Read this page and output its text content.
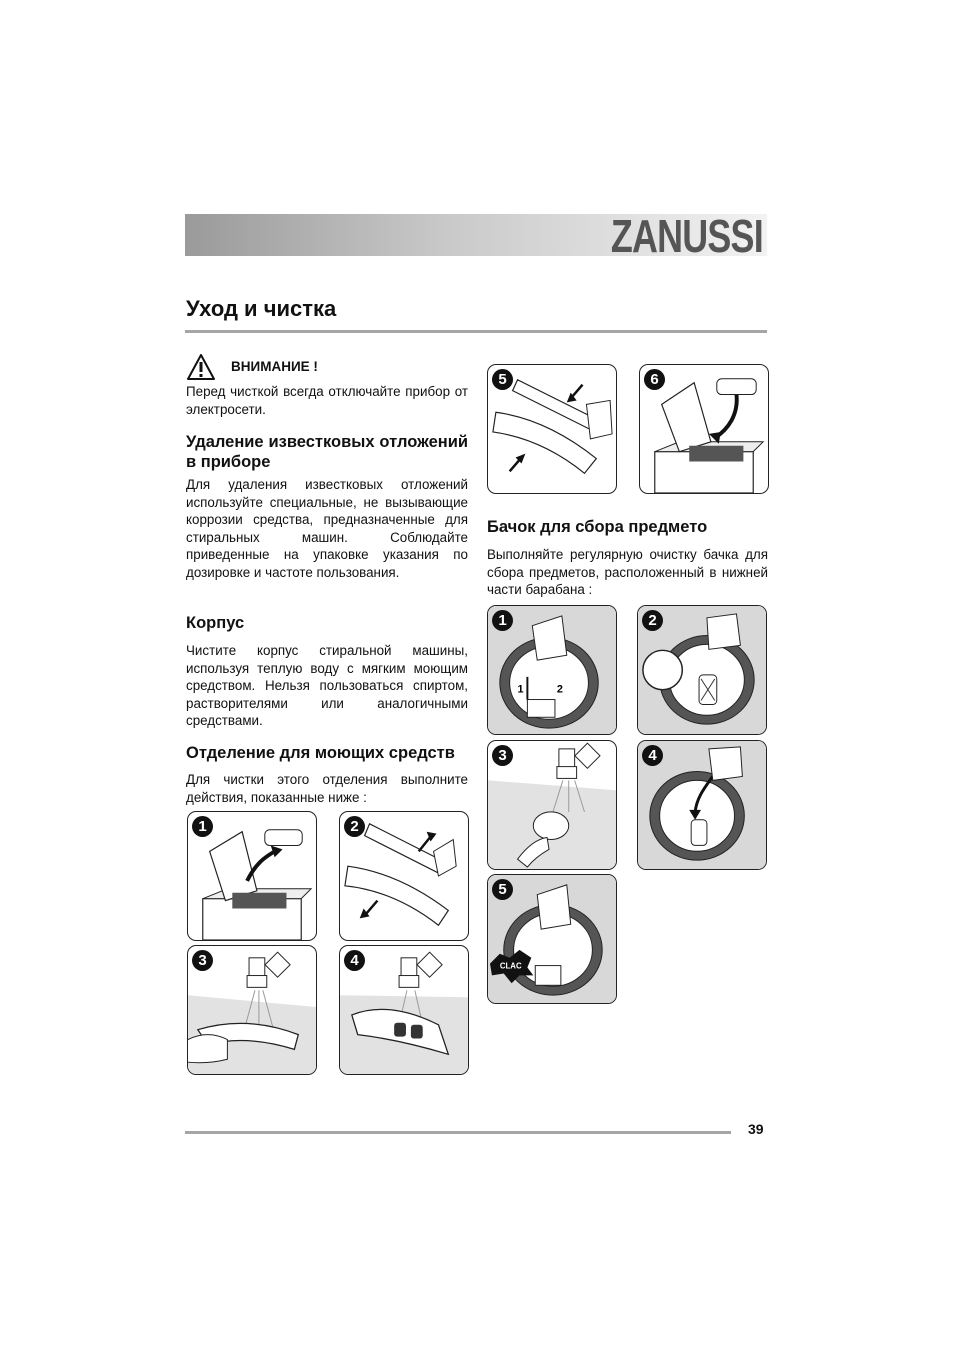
ZANUSSI
Уход и чистка
ВНИМАНИЕ !
Перед чисткой всегда отключайте прибор от электросети.
Удаление известковых отложений в приборе
Для удаления известковых отложений используйте специальные, не вызывающие коррозии средства, предназначенные для стиральных машин. Соблюдайте приведенные на упаковке указания по дозировке и частоте пользования.
Корпус
Чистите корпус стиральной машины, используя теплую воду с мягким моющим средством. Нельзя пользоваться спиртом, растворителями или аналогичными средствами.
Отделение для моющих средств
Для чистки этого отделения выполните действия, показанные ниже :
1
3
2
4
5	6
Бачок для сбора предмето
Выполняйте регулярную очистку бачка для сбора предметов, расположенный в нижней части барабана :
1
1	2
2
3	4
5
CLAC
39
